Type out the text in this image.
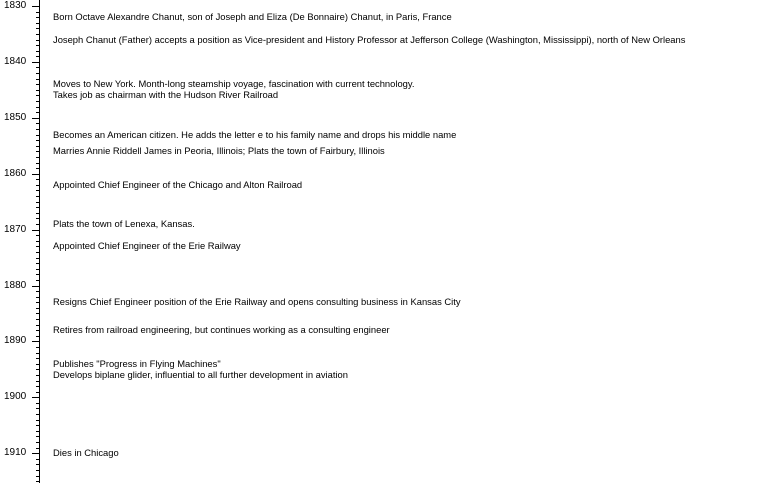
1830
1840
1850
1860
1870
1880
1890
1900
1910
Born Octave Alexandre Chanut, son of Joseph and Eliza (De Bonnaire) Chanut, in Paris, France
Joseph Chanut (Father) accepts a position as Vice-president and History Professor at Jefferson College (Washington, Mississippi), north of New Orleans
Moves to New York. Month-long steamship voyage, fascination with current technology.
Takes job as chairman with the Hudson River Railroad
Becomes an American citizen. He adds the letter e to his family name and drops his middle name
Marries Annie Riddell James in Peoria, Illinois; Plats the town of Fairbury, Illinois
Appointed Chief Engineer of the Chicago and Alton Railroad
Plats the town of Lenexa, Kansas.
Appointed Chief Engineer of the Erie Railway
Resigns Chief Engineer position of the Erie Railway and opens consulting business in Kansas City
Retires from railroad engineering, but continues working as a consulting engineer
Publishes "Progress in Flying Machines"
Develops biplane glider, influential to all further development in aviation
Dies in Chicago
